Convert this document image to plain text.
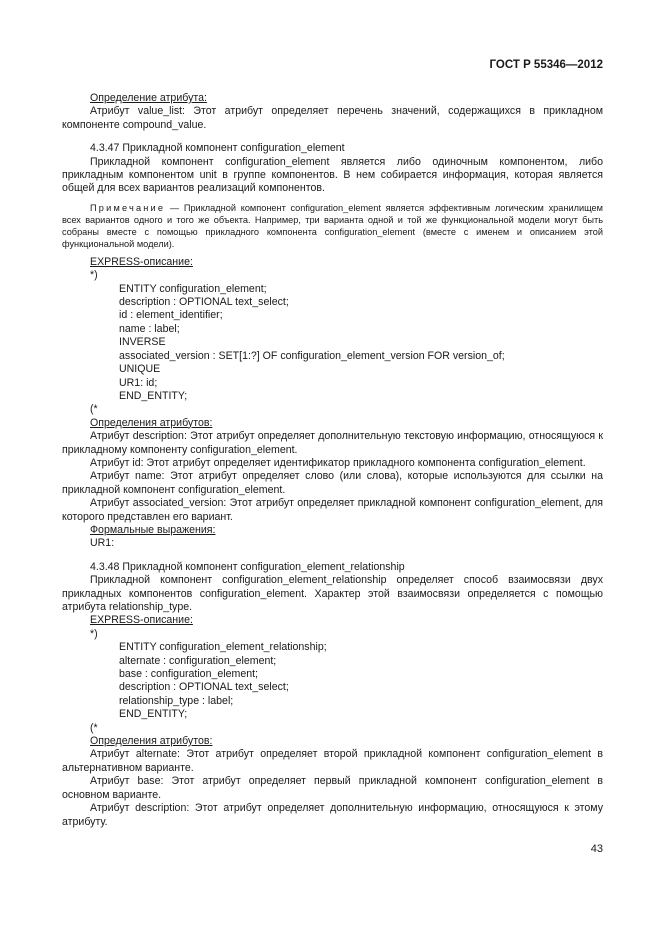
ГОСТ Р 55346—2012

Определение атрибута:

Атрибут value_list: Этот атрибут определяет перечень значений, содержащихся в прикладном компоненте compound_value.

4.3.47 Прикладной компонент configuration_element

Прикладной компонент configuration_element является либо одиночным компонентом, либо прикладным компонентом unit в группе компонентов. В нем собирается информация, которая является общей для всех вариантов реализаций компонентов.

Примечание — Прикладной компонент configuration_element является эффективным логическим хранилищем всех вариантов одного и того же объекта. Например, три варианта одной и той же функциональной модели могут быть собраны вместе с помощью прикладного компонента configuration_element (вместе с именем и описанием этой функциональной модели).

EXPRESS-описание:

*)

ENTITY configuration_element;
description : OPTIONAL text_select;
id : element_identifier;
name : label;
INVERSE
associated_version : SET[1:?] OF configuration_element_version FOR version_of;
UNIQUE
UR1: id;
END_ENTITY;

(*

Определения атрибутов:

Атрибут description: Этот атрибут определяет дополнительную текстовую информацию, относящуюся к прикладному компоненту configuration_element.

Атрибут id: Этот атрибут определяет идентификатор прикладного компонента configuration_element.

Атрибут name: Этот атрибут определяет слово (или слова), которые используются для ссылки на прикладной компонент configuration_element.

Атрибут associated_version: Этот атрибут определяет прикладной компонент configuration_element, для которого представлен его вариант.

Формальные выражения:

UR1:

4.3.48 Прикладной компонент configuration_element_relationship

Прикладной компонент configuration_element_relationship определяет способ взаимосвязи двух прикладных компонентов configuration_element. Характер этой взаимосвязи определяется с помощью атрибута relationship_type.

EXPRESS-описание:

*)

ENTITY configuration_element_relationship;
alternate : configuration_element;
base : configuration_element;
description : OPTIONAL text_select;
relationship_type : label;
END_ENTITY;

(*

Определения атрибутов:

Атрибут alternate: Этот атрибут определяет второй прикладной компонент configuration_element в альтернативном варианте.

Атрибут base: Этот атрибут определяет первый прикладной компонент configuration_element в основном варианте.

Атрибут description: Этот атрибут определяет дополнительную информацию, относящуюся к этому атрибуту.

43
